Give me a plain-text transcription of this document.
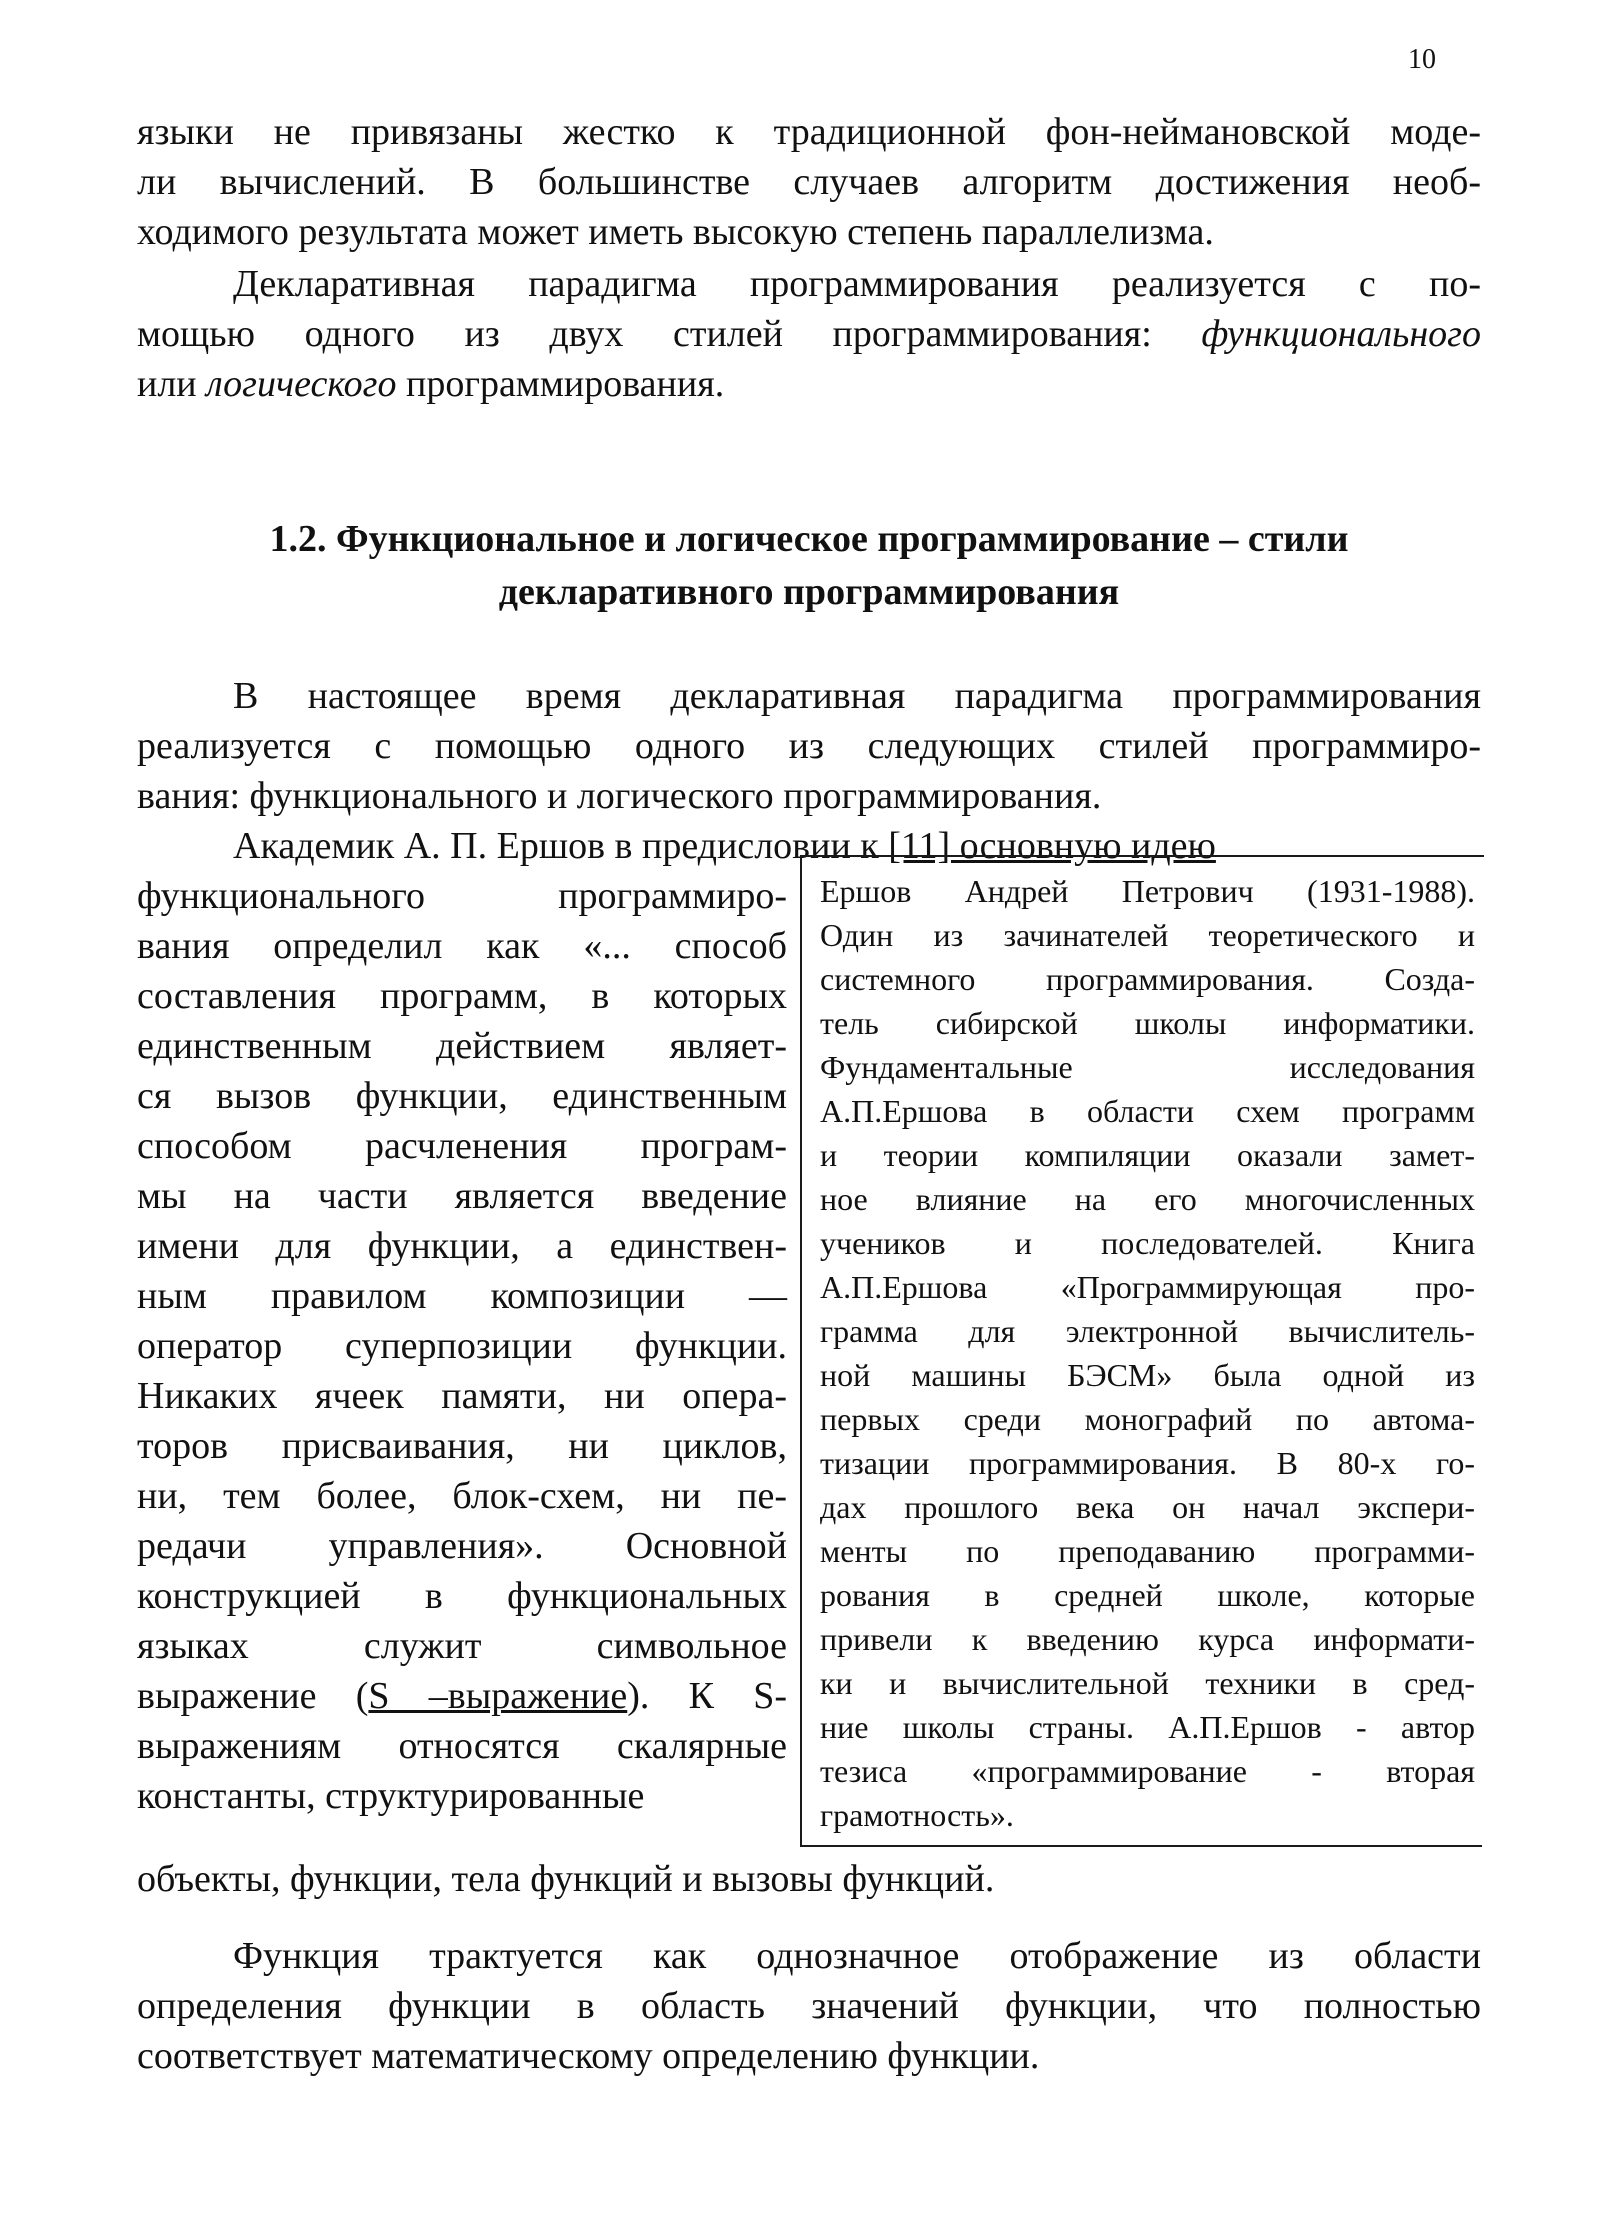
10
языки не привязаны жестко к традиционной фон-неймановской моде-
ли вычислений. В большинстве случаев алгоритм достижения необ-
ходимого результата может иметь высокую степень параллелизма.
Декларативная парадигма программирования реализуется с по-
мощью одного из двух стилей программирования: функционального
или логического программирования.
1.2. Функциональное и логическое программирование – стили
декларативного программирования
В настоящее время декларативная парадигма программирования
реализуется с помощью одного из следующих стилей программиро-
вания: функционального и логического программирования.
Академик А. П. Ершов в предисловии к [11] основную идею
функционального программиро-
вания определил как «... способ
составления программ, в которых
единственным действием являет-
ся вызов функции, единственным
способом расчленения програм-
мы на части является введение
имени для функции, а единствен-
ным правилом композиции —
оператор суперпозиции функции.
Никаких ячеек памяти, ни опера-
торов присваивания, ни циклов,
ни, тем более, блок-схем, ни пе-
редачи управления». Основной
конструкцией в функциональных
языках служит символьное
выражение (S –выражение). К S-
выражениям относятся скалярные
константы, структурированные
Ершов Андрей Петрович (1931-1988).
Один из зачинателей теоретического и
системного программирования. Созда-
тель сибирской школы информатики.
Фундаментальные исследования
А.П.Ершова в области схем программ
и теории компиляции оказали замет-
ное влияние на его многочисленных
учеников и последователей. Книга
А.П.Ершова «Программирующая про-
грамма для электронной вычислитель-
ной машины БЭСМ» была одной из
первых среди монографий по автома-
тизации программирования. В 80-х го-
дах прошлого века он начал экспери-
менты по преподаванию программи-
рования в средней школе, которые
привели к введению курса информати-
ки и вычислительной техники в сред-
ние школы страны. А.П.Ершов - автор
тезиса «программирование - вторая
грамотность».
объекты, функции, тела функций и вызовы функций.
Функция трактуется как однозначное отображение из области
определения функции в область значений функции, что полностью
соответствует математическому определению функции.
